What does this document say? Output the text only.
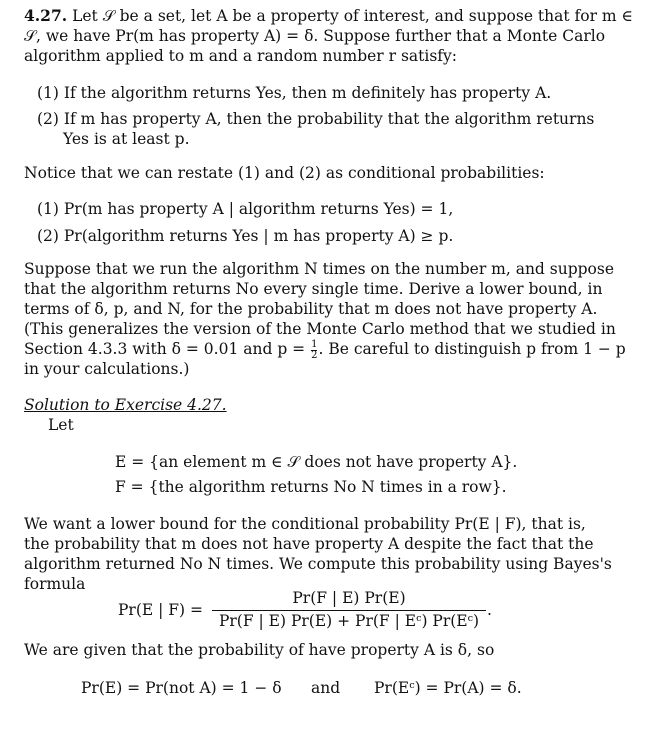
4.27. Let 𝒮 be a set, let A be a property of interest, and suppose that for m ∈
𝒮, we have Pr(m has property A) = δ. Suppose further that a Monte Carlo
algorithm applied to m and a random number r satisfy:
(1) If the algorithm returns Yes, then m definitely has property A.
(2) If m has property A, then the probability that the algorithm returns
Yes is at least p.
Notice that we can restate (1) and (2) as conditional probabilities:
(1) Pr(m has property A | algorithm returns Yes) = 1,
(2) Pr(algorithm returns Yes | m has property A) ≥ p.
Suppose that we run the algorithm N times on the number m, and suppose
that the algorithm returns No every single time. Derive a lower bound, in
terms of δ, p, and N, for the probability that m does not have property A.
(This generalizes the version of the Monte Carlo method that we studied in
Section 4.3.3 with δ = 0.01 and $p = \frac{1}{2}$ . Be careful to distinguish p from 1 − p
in your calculations.)
Solution to Exercise 4.27.
Let
E = {an element m ∈ 𝒮 does not have property A}.
F = {the algorithm returns No N times in a row}.
We want a lower bound for the conditional probability Pr(E | F), that is,
the probability that m does not have property A despite the fact that the
algorithm returned No N times. We compute this probability using Bayes's
formula
Pr(E | F) =
Pr(F | E) Pr(E)
Pr(F | E) Pr(E) + Pr(F | Eᶜ) Pr(Eᶜ)
.
We are given that the probability of have property A is δ, so
Pr(E) = Pr(not A) = 1 − δ and Pr(Eᶜ) = Pr(A) = δ.
